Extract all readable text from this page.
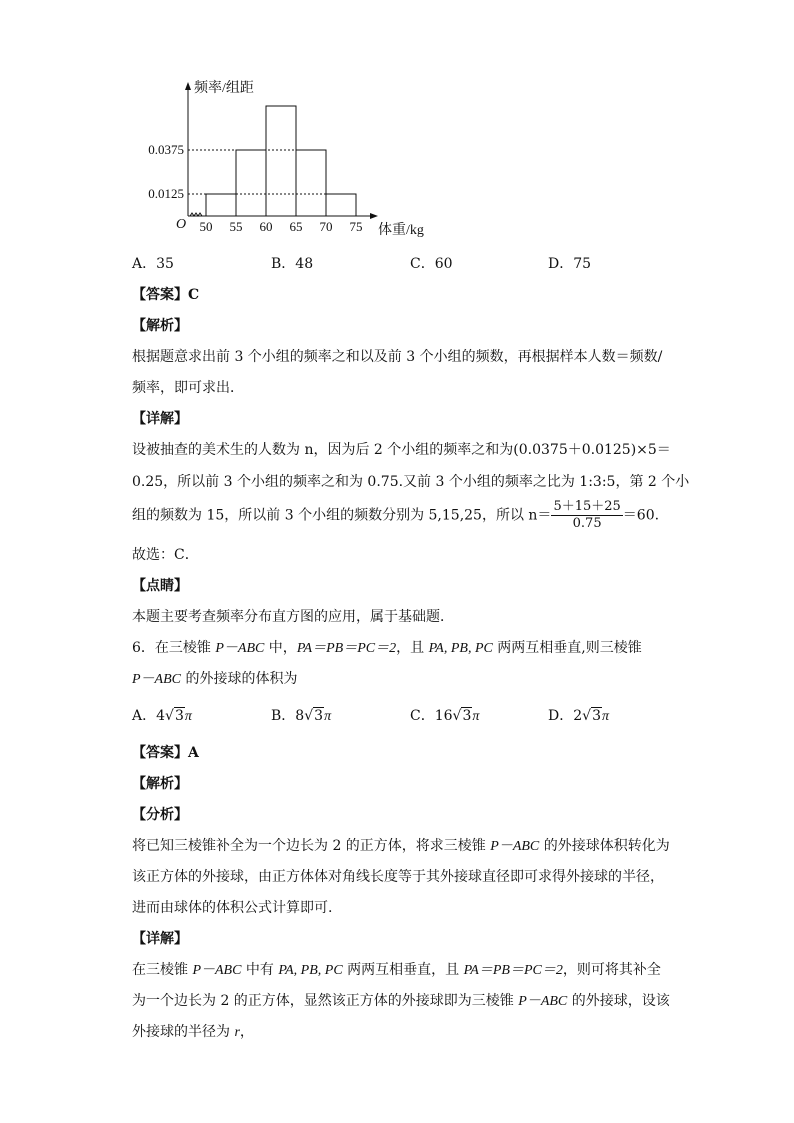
0.0375
0.0125
50 55 60 65 70 75
O
频率/组距
体重/kg
A．35	B．48	C．60	D．75
【答案】C
【解析】
根据题意求出前 3 个小组的频率之和以及前 3 个小组的频数，再根据样本人数＝频数/
频率，即可求出．
【详解】
设被抽查的美术生的人数为 n，因为后 2 个小组的频率之和为(0.0375＋0.0125)×5＝
0.25，所以前 3 个小组的频率之和为 0.75.又前 3 个小组的频率之比为 1:3:5，第 2 个小
组的频数为 15，所以前 3 个小组的频数分别为 5,15,25，所以 $n= \frac{5+15+25}{0.75} =60$.
故选：C．
【点睛】
本题主要考查频率分布直方图的应用，属于基础题．
6．在三棱锥 P－ABC 中，PA＝PB＝PC＝2，且 PA, PB, PC 两两互相垂直,则三棱锥
P－ABC 的外接球的体积为
A．4√3π	B．8√3π	C．16√3π	D．2√3π
【答案】A
【解析】
【分析】
将已知三棱锥补全为一个边长为 2 的正方体，将求三棱锥 P－ABC 的外接球体积转化为
该正方体的外接球，由正方体体对角线长度等于其外接球直径即可求得外接球的半径，
进而由球体的体积公式计算即可.
【详解】
在三棱锥 P－ABC 中有 PA, PB, PC 两两互相垂直，且 PA＝PB＝PC＝2，则可将其补全
为一个边长为 2 的正方体，显然该正方体的外接球即为三棱锥 P－ABC 的外接球，设该
外接球的半径为 r，
